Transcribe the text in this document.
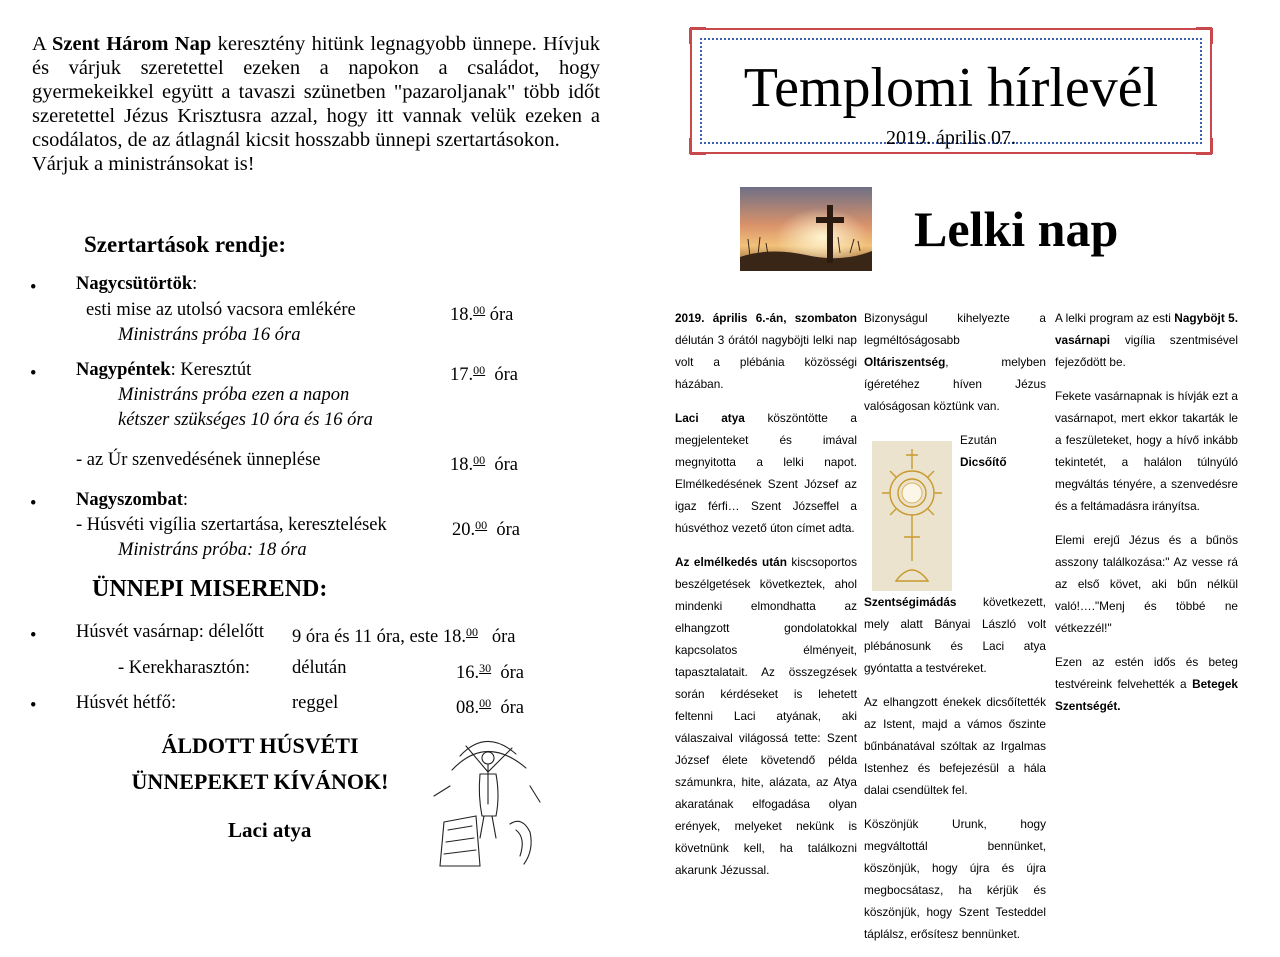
A Szent Három Nap keresztény hitünk legnagyobb ünnepe. Hívjuk és várjuk szeretettel ezeken a napokon a családot, hogy gyermekeikkel együtt a tavaszi szünetben "pazaroljanak" több időt szeretettel Jézus Krisztusra azzal, hogy itt vannak velük ezeken a csodálatos, de az átlagnál kicsit hosszabb ünnepi szertartásokon.

Várjuk a ministránsokat is!

Szertartások rendje:
• Nagycsütörtök:
esti mise az utolsó vacsora emlékére	18.00 óra
Ministráns próba 16 óra
• Nagypéntek: Keresztút	17.00 óra
Ministráns próba ezen a napon
kétszer szükséges 10 óra és 16 óra
- az Úr szenvedésének ünneplése	18.00 óra
• Nagyszombat:
- Húsvéti vigília szertartása, keresztelések	20.00 óra
Ministráns próba: 18 óra
ÜNNEPI MISEREND:
• Húsvét vasárnap: délelőtt 9 óra és 11 óra, este 18.00 óra
- Kerekharasztón: délután	16.30 óra
• Húsvét hétfő:	reggel	08.00 óra
ÁLDOTT HÚSVÉTI
ÜNNEPEKET KÍVÁNOK!
Laci atya
Templomi hírlevél
2019. április 07.
Lelki nap

2019. április 6.-án, szombaton délután 3 órától nagyböjti lelki nap volt a plébánia közösségi házában.

Laci atya köszöntötte a megjelenteket és imával megnyitotta a lelki napot. Elmélkedésének Szent József az igaz férfi… Szent Józseffel a húsvéthoz vezető úton címet adta.

Az elmélkedés után kiscsoportos beszélgetések következtek, ahol mindenki elmondhatta az elhangzott gondolatokkal kapcsolatos élményeit, tapasztalatait. Az összegzések során kérdéseket is lehetett feltenni Laci atyának, aki válaszaival világossá tette: Szent József élete követendő példa számunkra, hite, alázata, az Atya akaratának elfogadása olyan erények, melyeket nekünk is követnünk kell, ha találkozni akarunk Jézussal.

Bizonyságul kihelyezte a legméltóságosabb Oltáriszentség, melyben ígéretéhez híven Jézus valóságosan köztünk van.

Ezután Dicsőítő Szentségimádás következett, mely alatt Bányai László volt plébánosunk és Laci atya gyóntatta a testvéreket.

Az elhangzott énekek dicsőítették az Istent, majd a vámos őszinte bűnbánatával szóltak az Irgalmas Istenhez és befejezésül a hála dalai csendültek fel.

Köszönjük Urunk, hogy megváltottál bennünket, köszönjük, hogy újra és újra megbocsátasz, ha kérjük és köszönjük, hogy Szent Testeddel táplálsz, erősítesz bennünket.

A lelki program az esti Nagyböjt 5. vasárnapi vigília szentmisével fejeződött be.

Fekete vasárnapnak is hívják ezt a vasárnapot, mert ekkor takarták le a feszületeket, hogy a hívő inkább tekintetét, a halálon túlnyúló megváltás tényére, a szenvedésre és a feltámadásra irányítsa.

Elemi erejű Jézus és a bűnös asszony találkozása:" Az vesse rá az első követ, aki bűn nélkül való!…."Menj és többé ne vétkezzél!"

Ezen az estén idős és beteg testvéreink felvehették a Betegek Szentségét.
